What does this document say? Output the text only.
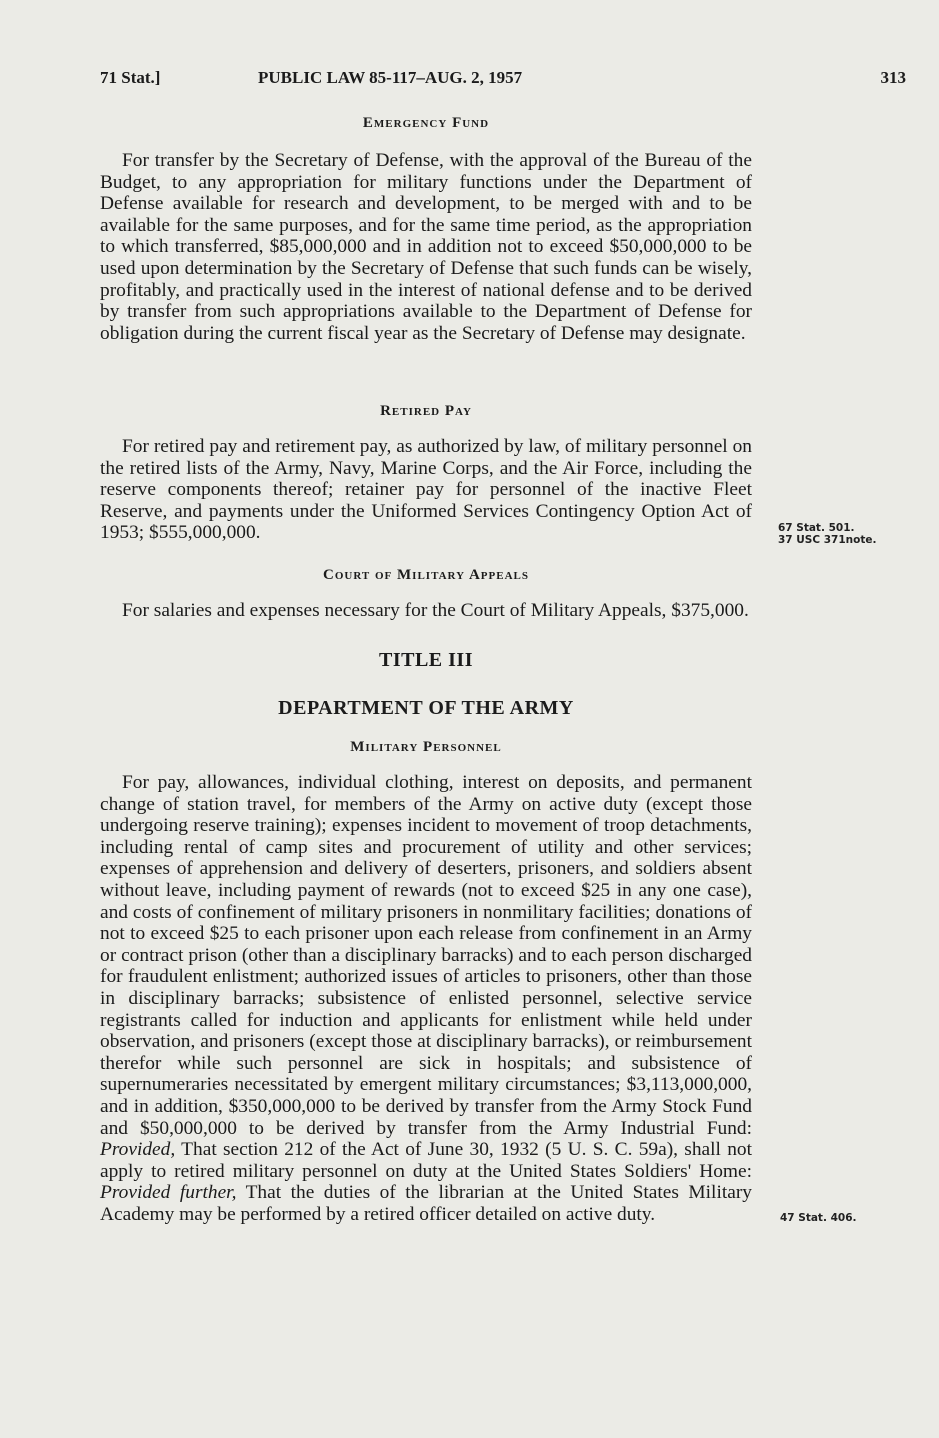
71 Stat.]	PUBLIC LAW 85-117–AUG. 2, 1957	313
Emergency Fund

For transfer by the Secretary of Defense, with the approval of the Bureau of the Budget, to any appropriation for military functions under the Department of Defense available for research and development, to be merged with and to be available for the same purposes, and for the same time period, as the appropriation to which transferred, $85,000,000 and in addition not to exceed $50,000,000 to be used upon determination by the Secretary of Defense that such funds can be wisely, profitably, and practically used in the interest of national defense and to be derived by transfer from such appropriations available to the Department of Defense for obligation during the current fiscal year as the Secretary of Defense may designate.

Retired Pay

For retired pay and retirement pay, as authorized by law, of military personnel on the retired lists of the Army, Navy, Marine Corps, and the Air Force, including the reserve components thereof; retainer pay for personnel of the inactive Fleet Reserve, and payments under the Uniformed Services Contingency Option Act of 1953; $555,000,000.

Court of Military Appeals

For salaries and expenses necessary for the Court of Military Appeals, $375,000.

TITLE III
DEPARTMENT OF THE ARMY
Military Personnel

For pay, allowances, individual clothing, interest on deposits, and permanent change of station travel, for members of the Army on active duty (except those undergoing reserve training); expenses incident to movement of troop detachments, including rental of camp sites and procurement of utility and other services; expenses of apprehension and delivery of deserters, prisoners, and soldiers absent without leave, including payment of rewards (not to exceed $25 in any one case), and costs of confinement of military prisoners in nonmilitary facilities; donations of not to exceed $25 to each prisoner upon each release from confinement in an Army or contract prison (other than a disciplinary barracks) and to each person discharged for fraudulent enlistment; authorized issues of articles to prisoners, other than those in disciplinary barracks; subsistence of enlisted personnel, selective service registrants called for induction and applicants for enlistment while held under observation, and prisoners (except those at disciplinary barracks), or reimbursement therefor while such personnel are sick in hospitals; and subsistence of supernumeraries necessitated by emergent military circumstances; $3,113,000,000, and in addition, $350,000,000 to be derived by transfer from the Army Stock Fund and $50,000,000 to be derived by transfer from the Army Industrial Fund: Provided, That section 212 of the Act of June 30, 1932 (5 U. S. C. 59a), shall not apply to retired military personnel on duty at the United States Soldiers' Home: Provided further, That the duties of the librarian at the United States Military Academy may be performed by a retired officer detailed on active duty.

67 Stat. 501.
37 USC 371note.
47 Stat. 406.
